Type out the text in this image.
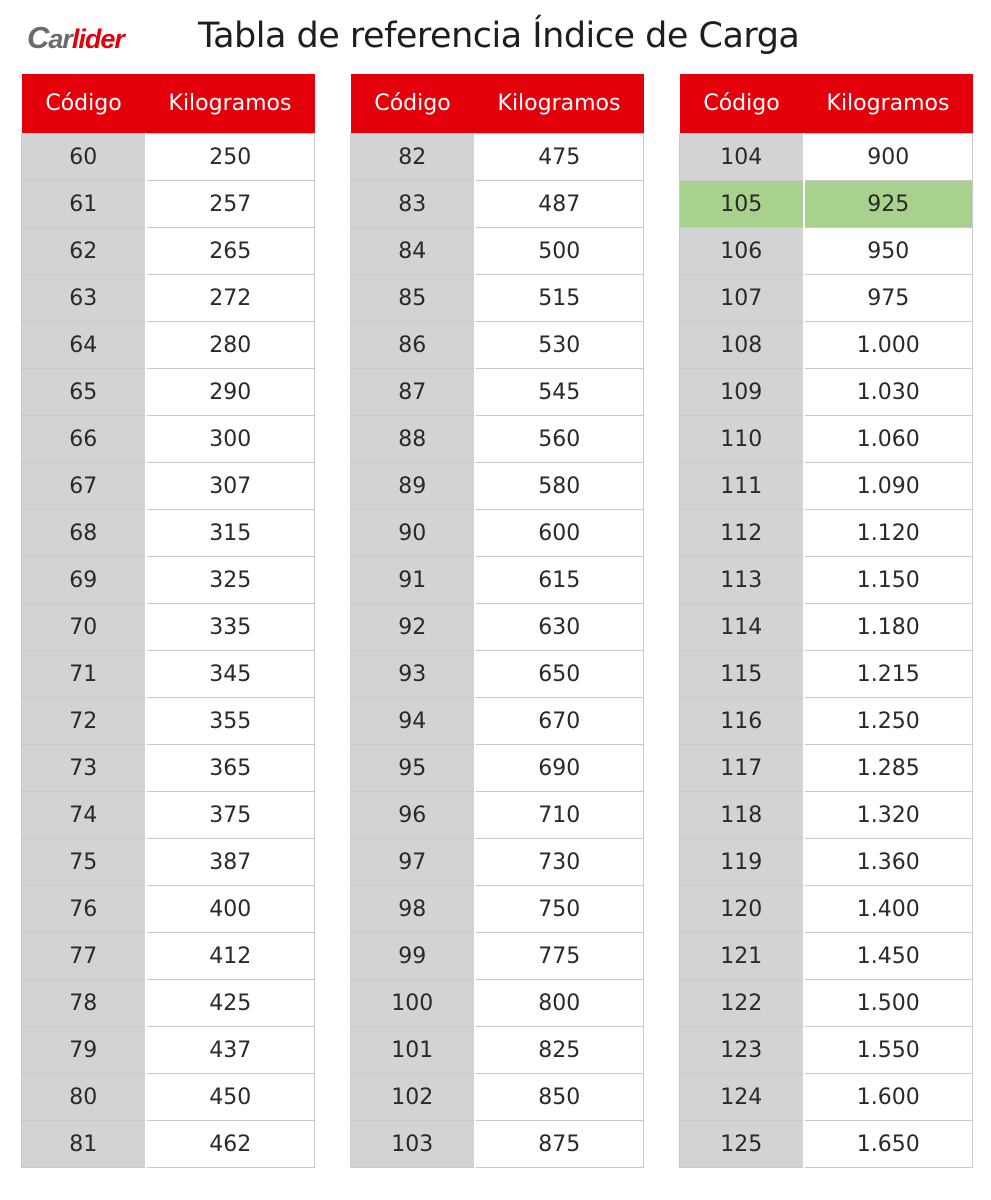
Carlider Tabla de referencia Índice de Carga
Código	Kilogramos
60	250
61	257
62	265
63	272
64	280
65	290
66	300
67	307
68	315
69	325
70	335
71	345
72	355
73	365
74	375
75	387
76	400
77	412
78	425
79	437
80	450
81	462
Código	Kilogramos
82	475
83	487
84	500
85	515
86	530
87	545
88	560
89	580
90	600
91	615
92	630
93	650
94	670
95	690
96	710
97	730
98	750
99	775
100	800
101	825
102	850
103	875
Código	Kilogramos
104	900
105	925
106	950
107	975
108	1.000
109	1.030
110	1.060
111	1.090
112	1.120
113	1.150
114	1.180
115	1.215
116	1.250
117	1.285
118	1.320
119	1.360
120	1.400
121	1.450
122	1.500
123	1.550
124	1.600
125	1.650
